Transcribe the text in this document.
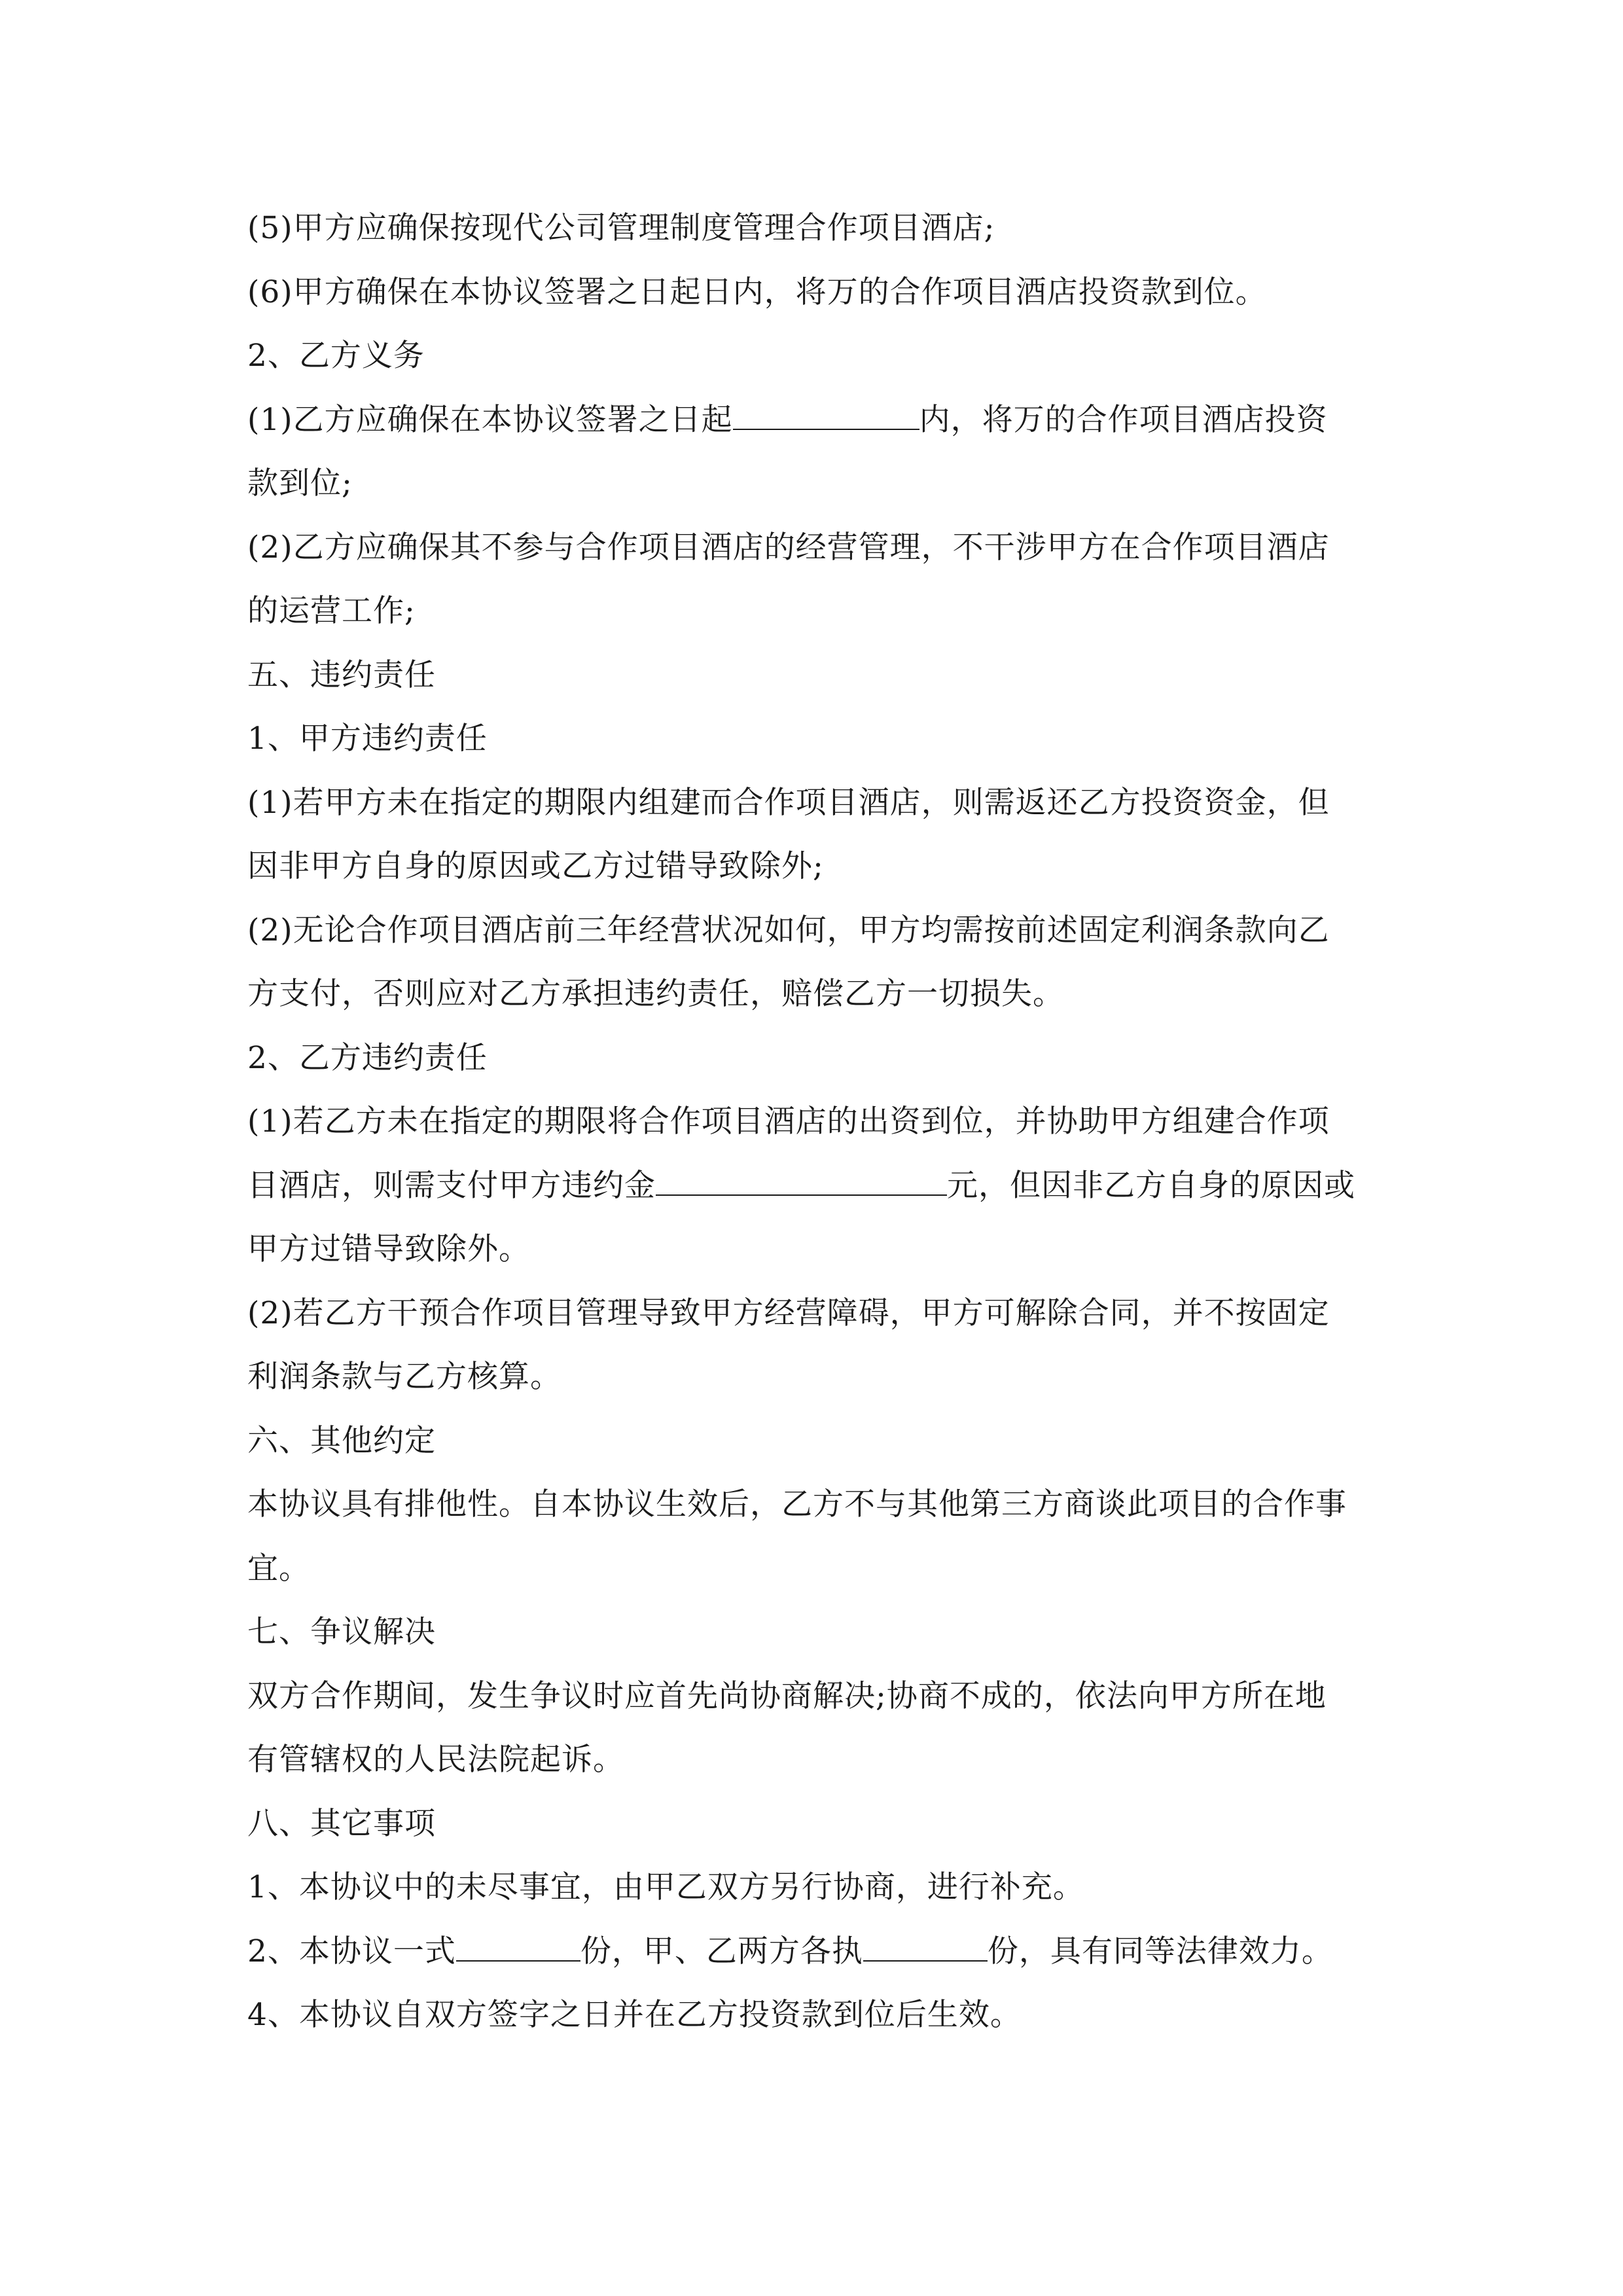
(5)甲方应确保按现代公司管理制度管理合作项目酒店;
(6)甲方确保在本协议签署之日起日内，将万的合作项目酒店投资款到位。
2、乙方义务
(1)乙方应确保在本协议签署之日起	内，将万的合作项目酒店投资
款到位;
(2)乙方应确保其不参与合作项目酒店的经营管理，不干涉甲方在合作项目酒店
的运营工作;
五、违约责任
1、甲方违约责任
(1)若甲方未在指定的期限内组建而合作项目酒店，则需返还乙方投资资金，但
因非甲方自身的原因或乙方过错导致除外;
(2)无论合作项目酒店前三年经营状况如何，甲方均需按前述固定利润条款向乙
方支付，否则应对乙方承担违约责任，赔偿乙方一切损失。
2、乙方违约责任
(1)若乙方未在指定的期限将合作项目酒店的出资到位，并协助甲方组建合作项
目酒店，则需支付甲方违约金	元，但因非乙方自身的原因或
甲方过错导致除外。
(2)若乙方干预合作项目管理导致甲方经营障碍，甲方可解除合同，并不按固定
利润条款与乙方核算。
六、其他约定
本协议具有排他性。自本协议生效后，乙方不与其他第三方商谈此项目的合作事
宜。
七、争议解决
双方合作期间，发生争议时应首先尚协商解决;协商不成的，依法向甲方所在地
有管辖权的人民法院起诉。
八、其它事项
1、本协议中的未尽事宜，由甲乙双方另行协商，进行补充。
2、本协议一式	份，甲、乙两方各执	份，具有同等法律效力。
4、本协议自双方签字之日并在乙方投资款到位后生效。
